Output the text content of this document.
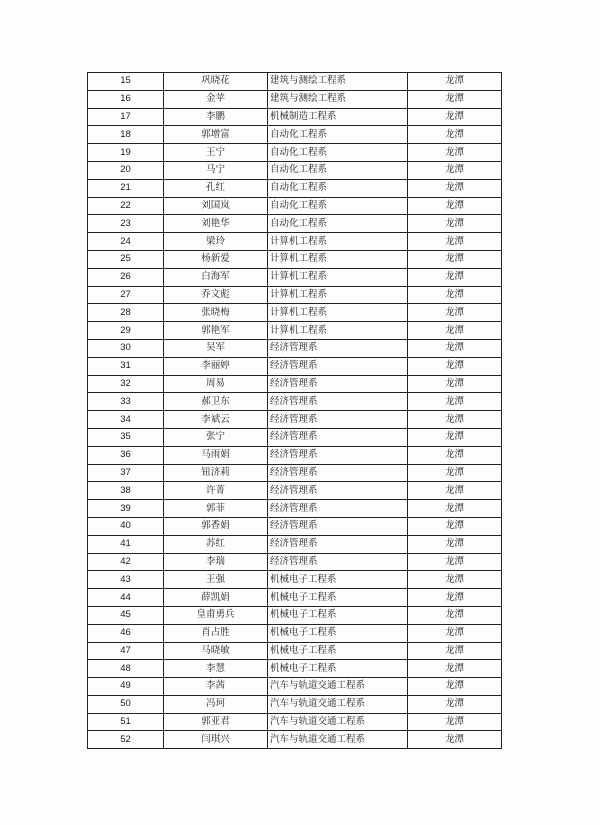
15	巩晓花	建筑与测绘工程系	龙潭
16	金苹	建筑与测绘工程系	龙潭
17	李鹏	机械制造工程系	龙潭
18	郭增富	自动化工程系	龙潭
19	王宁	自动化工程系	龙潭
20	马宁	自动化工程系	龙潭
21	孔红	自动化工程系	龙潭
22	刘国岚	自动化工程系	龙潭
23	刘艳华	自动化工程系	龙潭
24	梁玲	计算机工程系	龙潭
25	杨新爱	计算机工程系	龙潭
26	白海军	计算机工程系	龙潭
27	乔文彪	计算机工程系	龙潭
28	张晓梅	计算机工程系	龙潭
29	郭艳军	计算机工程系	龙潭
30	吴军	经济管理系	龙潭
31	李丽婷	经济管理系	龙潭
32	周易	经济管理系	龙潭
33	郝卫东	经济管理系	龙潭
34	李斌云	经济管理系	龙潭
35	张宁	经济管理系	龙潭
36	马雨娟	经济管理系	龙潭
37	钮济莉	经济管理系	龙潭
38	许菁	经济管理系	龙潭
39	郭菲	经济管理系	龙潭
40	郭香娟	经济管理系	龙潭
41	苏红	经济管理系	龙潭
42	李瑞	经济管理系	龙潭
43	王强	机械电子工程系	龙潭
44	薛凯娟	机械电子工程系	龙潭
45	皇甫勇兵	机械电子工程系	龙潭
46	肖占胜	机械电子工程系	龙潭
47	马晓敏	机械电子工程系	龙潭
48	李慧	机械电子工程系	龙潭
49	李茜	汽车与轨道交通工程系	龙潭
50	冯珂	汽车与轨道交通工程系	龙潭
51	郭亚君	汽车与轨道交通工程系	龙潭
52	闫琪兴	汽车与轨道交通工程系	龙潭
